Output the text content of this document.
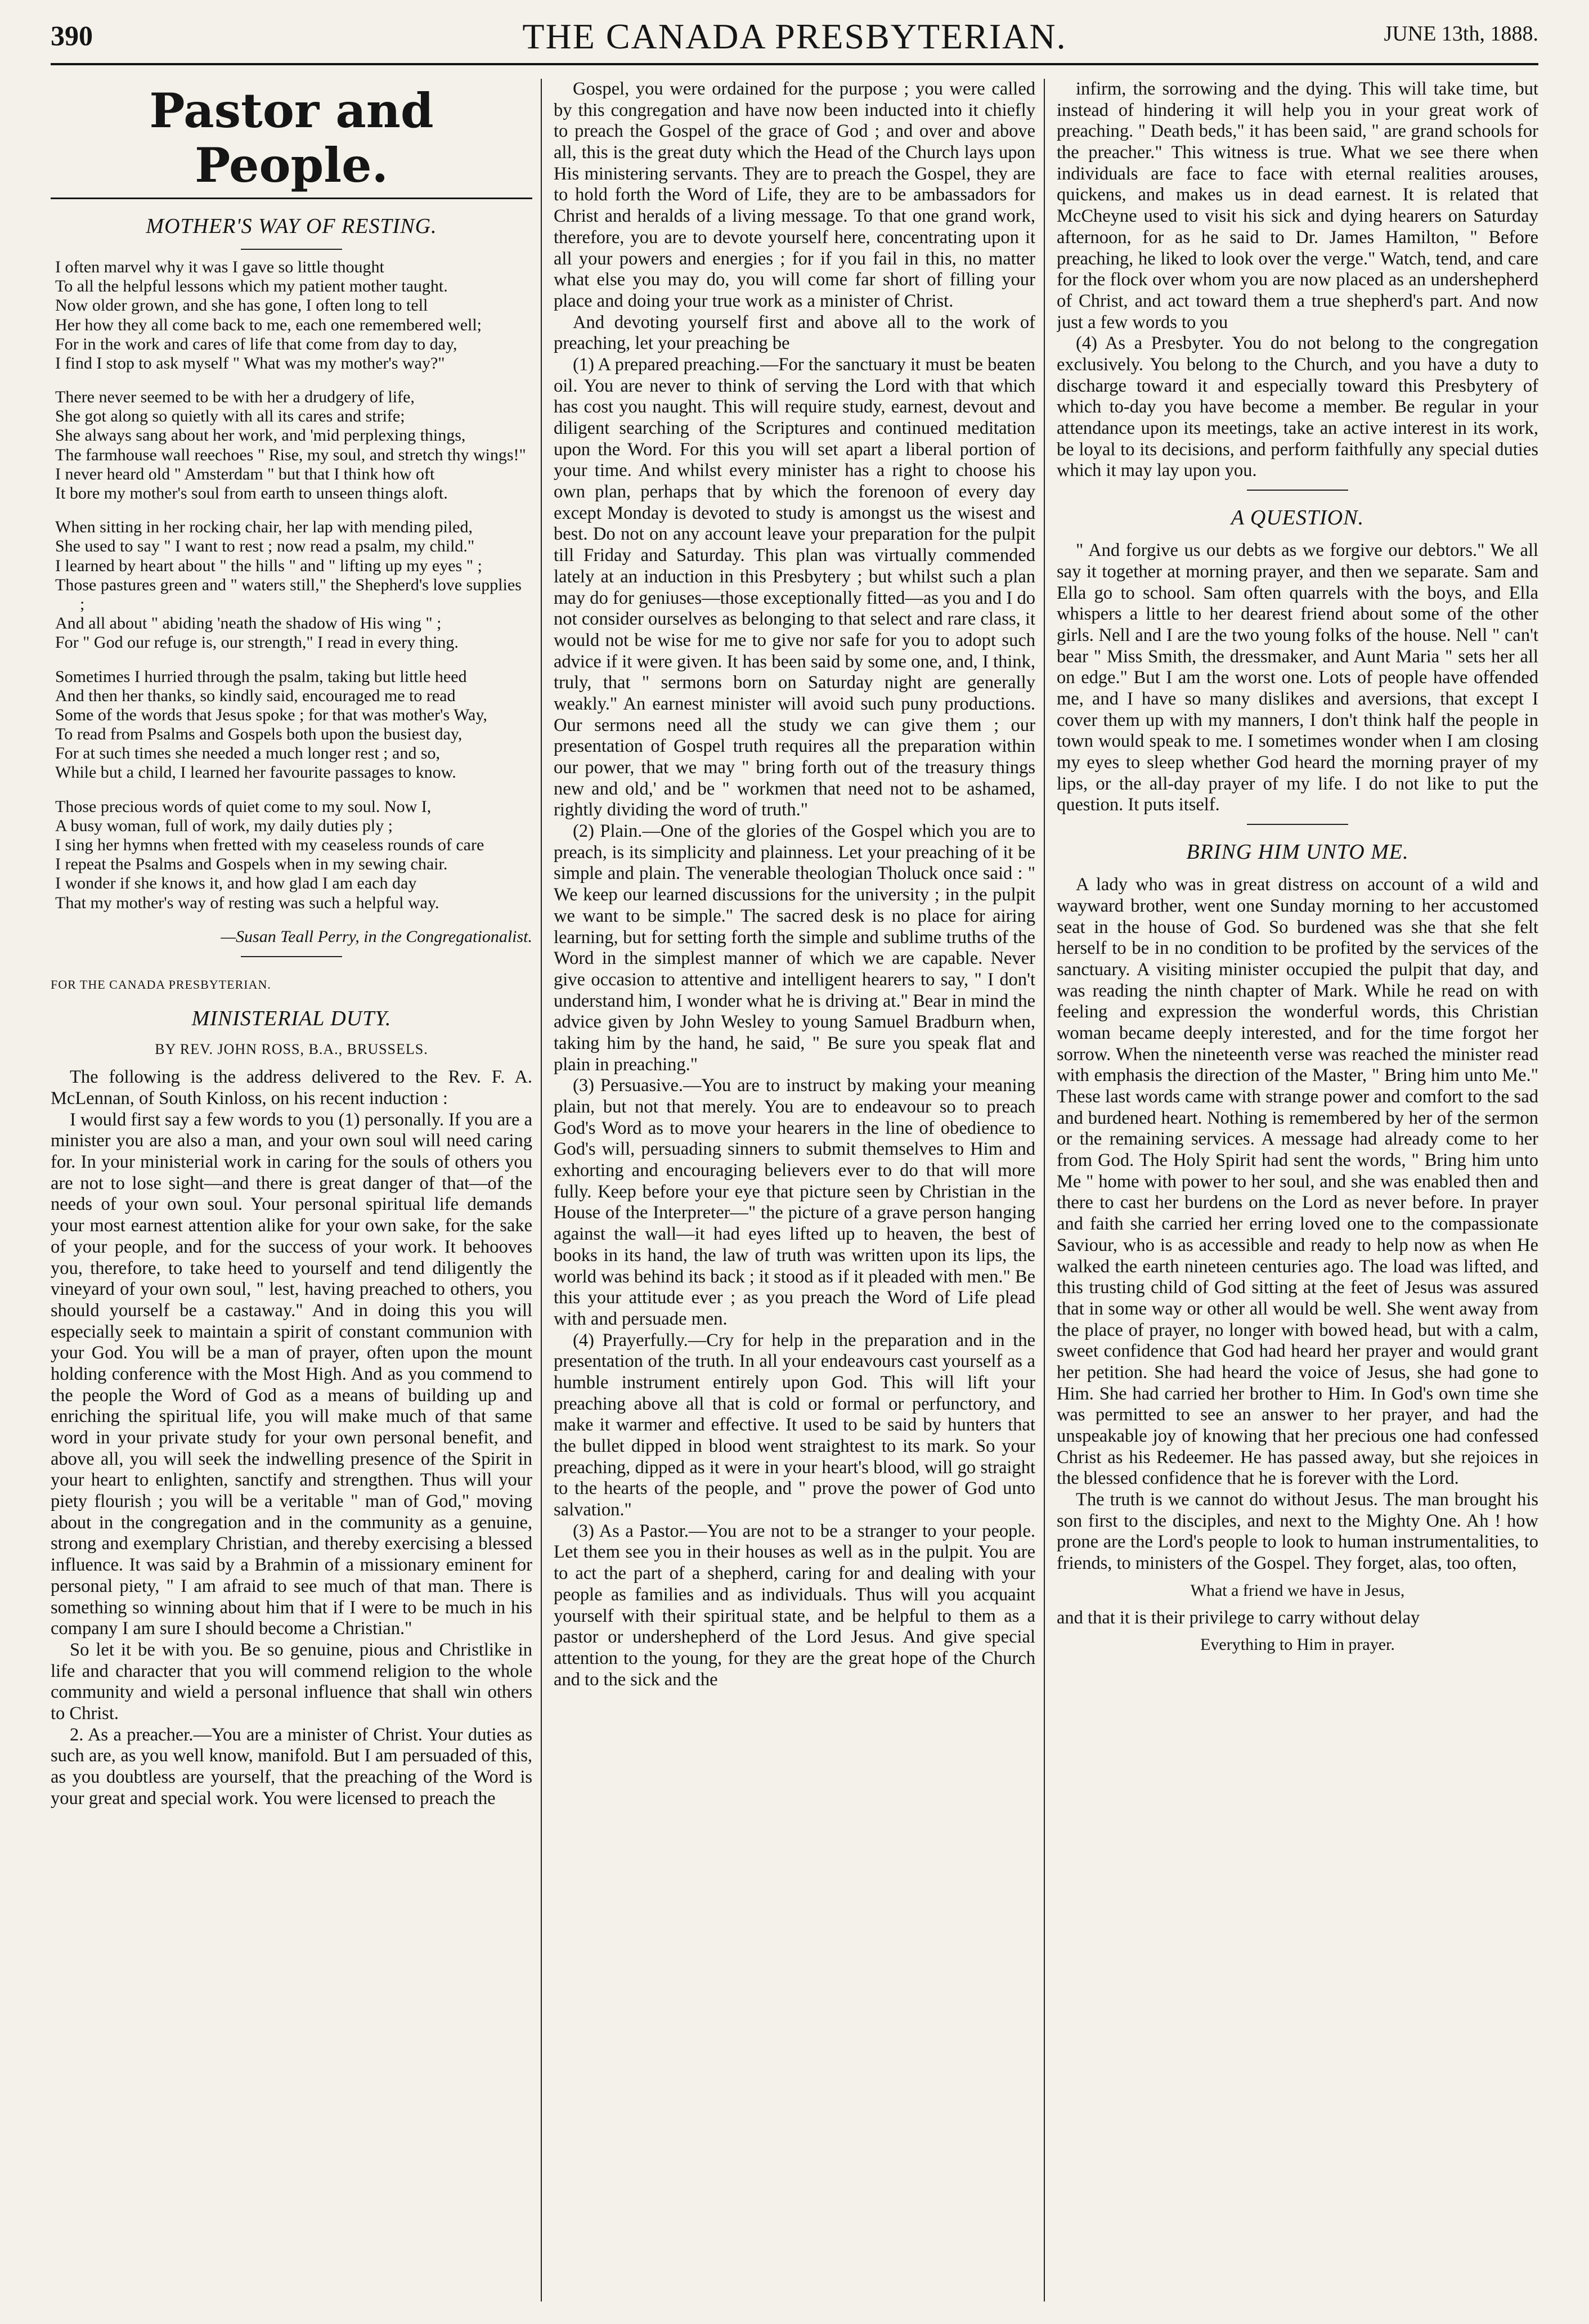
390	THE CANADA PRESBYTERIAN.	JUNE 13th, 1888.
Pastor and People.
MOTHER'S WAY OF RESTING.
I often marvel why it was I gave so little thought
To all the helpful lessons which my patient mother taught.
Now older grown, and she has gone, I often long to tell
Her how they all come back to me, each one remembered well;
For in the work and cares of life that come from day to day,
I find I stop to ask myself " What was my mother's way?"
There never seemed to be with her a drudgery of life,
She got along so quietly with all its cares and strife;
She always sang about her work, and 'mid perplexing things,
The farmhouse wall reechoes " Rise, my soul, and stretch thy wings!"
I never heard old " Amsterdam " but that I think how oft
It bore my mother's soul from earth to unseen things aloft.
When sitting in her rocking chair, her lap with mending piled,
She used to say " I want to rest ; now read a psalm, my child."
I learned by heart about " the hills " and " lifting up my eyes " ;
Those pastures green and " waters still," the Shepherd's love supplies ;
And all about " abiding 'neath the shadow of His wing " ;
For " God our refuge is, our strength," I read in every thing.
Sometimes I hurried through the psalm, taking but little heed
And then her thanks, so kindly said, encouraged me to read
Some of the words that Jesus spoke ; for that was mother's Way,
To read from Psalms and Gospels both upon the busiest day,
For at such times she needed a much longer rest ; and so,
While but a child, I learned her favourite passages to know.
Those precious words of quiet come to my soul. Now I,
A busy woman, full of work, my daily duties ply ;
I sing her hymns when fretted with my ceaseless rounds of care
I repeat the Psalms and Gospels when in my sewing chair.
I wonder if she knows it, and how glad I am each day
That my mother's way of resting was such a helpful way.
—Susan Teall Perry, in the Congregationalist.

FOR THE CANADA PRESBYTERIAN.

MINISTERIAL DUTY.

BY REV. JOHN ROSS, B.A., BRUSSELS.

The following is the address delivered to the Rev. F. A. McLennan, of South Kinloss, on his recent induction :

I would first say a few words to you (1) personally. If you are a minister you are also a man, and your own soul will need caring for. In your ministerial work in caring for the souls of others you are not to lose sight—and there is great danger of that—of the needs of your own soul. Your personal spiritual life demands your most earnest attention alike for your own sake, for the sake of your people, and for the success of your work. It behooves you, therefore, to take heed to yourself and tend diligently the vineyard of your own soul, " lest, having preached to others, you should yourself be a castaway." And in doing this you will especially seek to maintain a spirit of constant communion with your God. You will be a man of prayer, often upon the mount holding conference with the Most High. And as you commend to the people the Word of God as a means of building up and enriching the spiritual life, you will make much of that same word in your private study for your own personal benefit, and above all, you will seek the indwelling presence of the Spirit in your heart to enlighten, sanctify and strengthen. Thus will your piety flourish ; you will be a veritable " man of God," moving about in the congregation and in the community as a genuine, strong and exemplary Christian, and thereby exercising a blessed influence. It was said by a Brahmin of a missionary eminent for personal piety, " I am afraid to see much of that man. There is something so winning about him that if I were to be much in his company I am sure I should become a Christian."

So let it be with you. Be so genuine, pious and Christlike in life and character that you will commend religion to the whole community and wield a personal influence that shall win others to Christ.

2. As a preacher.—You are a minister of Christ. Your duties as such are, as you well know, manifold. But I am persuaded of this, as you doubtless are yourself, that the preaching of the Word is your great and special work. You were licensed to preach the

Gospel, you were ordained for the purpose ; you were called by this congregation and have now been inducted into it chiefly to preach the Gospel of the grace of God ; and over and above all, this is the great duty which the Head of the Church lays upon His ministering servants. They are to preach the Gospel, they are to hold forth the Word of Life, they are to be ambassadors for Christ and heralds of a living message. To that one grand work, therefore, you are to devote yourself here, concentrating upon it all your powers and energies ; for if you fail in this, no matter what else you may do, you will come far short of filling your place and doing your true work as a minister of Christ.

And devoting yourself first and above all to the work of preaching, let your preaching be

(1) A prepared preaching.—For the sanctuary it must be beaten oil. You are never to think of serving the Lord with that which has cost you naught. This will require study, earnest, devout and diligent searching of the Scriptures and continued meditation upon the Word. For this you will set apart a liberal portion of your time. And whilst every minister has a right to choose his own plan, perhaps that by which the forenoon of every day except Monday is devoted to study is amongst us the wisest and best. Do not on any account leave your preparation for the pulpit till Friday and Saturday. This plan was virtually commended lately at an induction in this Presbytery ; but whilst such a plan may do for geniuses—those exceptionally fitted—as you and I do not consider ourselves as belonging to that select and rare class, it would not be wise for me to give nor safe for you to adopt such advice if it were given. It has been said by some one, and, I think, truly, that " sermons born on Saturday night are generally weakly." An earnest minister will avoid such puny productions. Our sermons need all the study we can give them ; our presentation of Gospel truth requires all the preparation within our power, that we may " bring forth out of the treasury things new and old,' and be " workmen that need not to be ashamed, rightly dividing the word of truth."

(2) Plain.—One of the glories of the Gospel which you are to preach, is its simplicity and plainness. Let your preaching of it be simple and plain. The venerable theologian Tholuck once said : " We keep our learned discussions for the university ; in the pulpit we want to be simple." The sacred desk is no place for airing learning, but for setting forth the simple and sublime truths of the Word in the simplest manner of which we are capable. Never give occasion to attentive and intelligent hearers to say, " I don't understand him, I wonder what he is driving at." Bear in mind the advice given by John Wesley to young Samuel Bradburn when, taking him by the hand, he said, " Be sure you speak flat and plain in preaching."

(3) Persuasive.—You are to instruct by making your meaning plain, but not that merely. You are to endeavour so to preach God's Word as to move your hearers in the line of obedience to God's will, persuading sinners to submit themselves to Him and exhorting and encouraging believers ever to do that will more fully. Keep before your eye that picture seen by Christian in the House of the Interpreter—" the picture of a grave person hanging against the wall—it had eyes lifted up to heaven, the best of books in its hand, the law of truth was written upon its lips, the world was behind its back ; it stood as if it pleaded with men." Be this your attitude ever ; as you preach the Word of Life plead with and persuade men.

(4) Prayerfully.—Cry for help in the preparation and in the presentation of the truth. In all your endeavours cast yourself as a humble instrument entirely upon God. This will lift your preaching above all that is cold or formal or perfunctory, and make it warmer and effective. It used to be said by hunters that the bullet dipped in blood went straightest to its mark. So your preaching, dipped as it were in your heart's blood, will go straight to the hearts of the people, and " prove the power of God unto salvation."

(3) As a Pastor.—You are not to be a stranger to your people. Let them see you in their houses as well as in the pulpit. You are to act the part of a shepherd, caring for and dealing with your people as families and as individuals. Thus will you acquaint yourself with their spiritual state, and be helpful to them as a pastor or undershepherd of the Lord Jesus. And give special attention to the young, for they are the great hope of the Church and to the sick and the

infirm, the sorrowing and the dying. This will take time, but instead of hindering it will help you in your great work of preaching. " Death beds," it has been said, " are grand schools for the preacher." This witness is true. What we see there when individuals are face to face with eternal realities arouses, quickens, and makes us in dead earnest. It is related that McCheyne used to visit his sick and dying hearers on Saturday afternoon, for as he said to Dr. James Hamilton, " Before preaching, he liked to look over the verge." Watch, tend, and care for the flock over whom you are now placed as an undershepherd of Christ, and act toward them a true shepherd's part. And now just a few words to you

(4) As a Presbyter. You do not belong to the congregation exclusively. You belong to the Church, and you have a duty to discharge toward it and especially toward this Presbytery of which to-day you have become a member. Be regular in your attendance upon its meetings, take an active interest in its work, be loyal to its decisions, and perform faithfully any special duties which it may lay upon you.

A QUESTION.

" And forgive us our debts as we forgive our debtors." We all say it together at morning prayer, and then we separate. Sam and Ella go to school. Sam often quarrels with the boys, and Ella whispers a little to her dearest friend about some of the other girls. Nell and I are the two young folks of the house. Nell " can't bear " Miss Smith, the dressmaker, and Aunt Maria " sets her all on edge." But I am the worst one. Lots of people have offended me, and I have so many dislikes and aversions, that except I cover them up with my manners, I don't think half the people in town would speak to me. I sometimes wonder when I am closing my eyes to sleep whether God heard the morning prayer of my lips, or the all-day prayer of my life. I do not like to put the question. It puts itself.

BRING HIM UNTO ME.

A lady who was in great distress on account of a wild and wayward brother, went one Sunday morning to her accustomed seat in the house of God. So burdened was she that she felt herself to be in no condition to be profited by the services of the sanctuary. A visiting minister occupied the pulpit that day, and was reading the ninth chapter of Mark. While he read on with feeling and expression the wonderful words, this Christian woman became deeply interested, and for the time forgot her sorrow. When the nineteenth verse was reached the minister read with emphasis the direction of the Master, " Bring him unto Me." These last words came with strange power and comfort to the sad and burdened heart. Nothing is remembered by her of the sermon or the remaining services. A message had already come to her from God. The Holy Spirit had sent the words, " Bring him unto Me " home with power to her soul, and she was enabled then and there to cast her burdens on the Lord as never before. In prayer and faith she carried her erring loved one to the compassionate Saviour, who is as accessible and ready to help now as when He walked the earth nineteen centuries ago. The load was lifted, and this trusting child of God sitting at the feet of Jesus was assured that in some way or other all would be well. She went away from the place of prayer, no longer with bowed head, but with a calm, sweet confidence that God had heard her prayer and would grant her petition. She had heard the voice of Jesus, she had gone to Him. She had carried her brother to Him. In God's own time she was permitted to see an answer to her prayer, and had the unspeakable joy of knowing that her precious one had confessed Christ as his Redeemer. He has passed away, but she rejoices in the blessed confidence that he is forever with the Lord.

The truth is we cannot do without Jesus. The man brought his son first to the disciples, and next to the Mighty One. Ah ! how prone are the Lord's people to look to human instrumentalities, to friends, to ministers of the Gospel. They forget, alas, too often,

What a friend we have in Jesus,

and that it is their privilege to carry without delay

Everything to Him in prayer.
